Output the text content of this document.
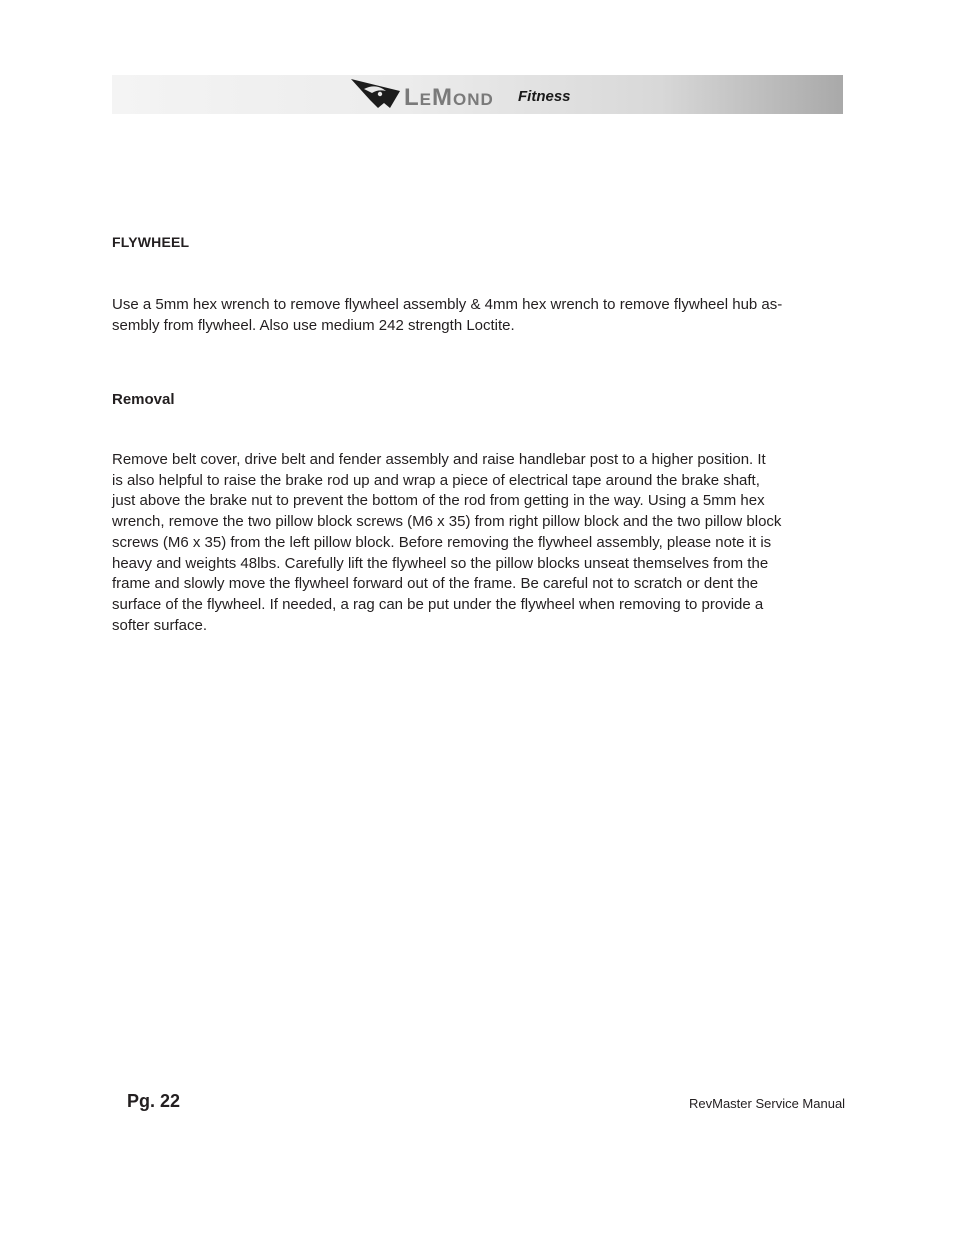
LEMOND Fitness
FLYWHEEL

Use a 5mm hex wrench to remove flywheel assembly & 4mm hex wrench to remove flywheel hub as-
sembly from flywheel. Also use medium 242 strength Loctite.

Removal

Remove belt cover, drive belt and fender assembly and raise handlebar post to a higher position. It
is also helpful to raise the brake rod up and wrap a piece of electrical tape around the brake shaft,
just above the brake nut to prevent the bottom of the rod from getting in the way. Using a 5mm hex
wrench, remove the two pillow block screws (M6 x 35) from right pillow block and the two pillow block
screws (M6 x 35) from the left pillow block. Before removing the flywheel assembly, please note it is
heavy and weights 48lbs. Carefully lift the flywheel so the pillow blocks unseat themselves from the
frame and slowly move the flywheel forward out of the frame. Be careful not to scratch or dent the
surface of the flywheel. If needed, a rag can be put under the flywheel when removing to provide a
softer surface.

Pg. 22	RevMaster Service Manual
